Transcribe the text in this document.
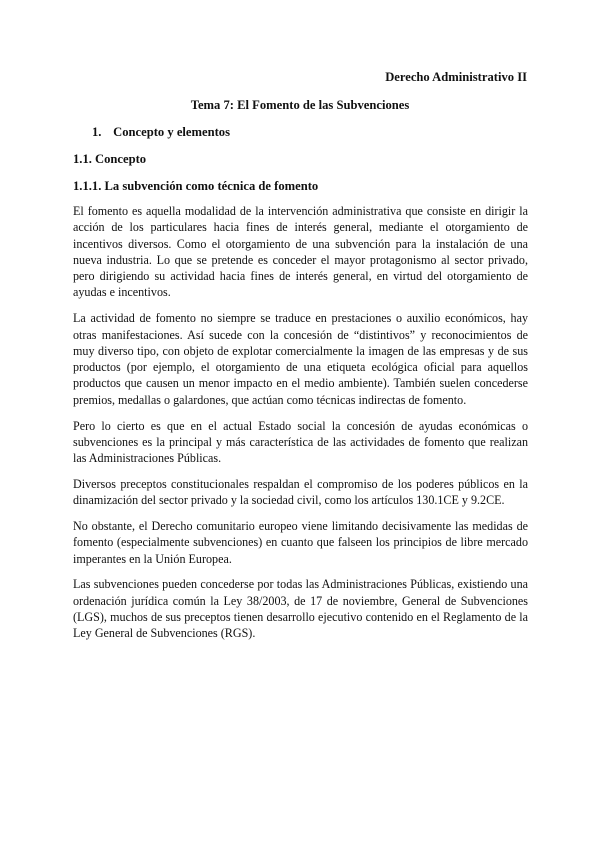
Derecho Administrativo II
Tema 7: El Fomento de las Subvenciones
1. Concepto y elementos
1.1. Concepto
1.1.1. La subvención como técnica de fomento

El fomento es aquella modalidad de la intervención administrativa que consiste en dirigir la acción de los particulares hacia fines de interés general, mediante el otorgamiento de incentivos diversos. Como el otorgamiento de una subvención para la instalación de una nueva industria. Lo que se pretende es conceder el mayor protagonismo al sector privado, pero dirigiendo su actividad hacia fines de interés general, en virtud del otorgamiento de ayudas e incentivos.

La actividad de fomento no siempre se traduce en prestaciones o auxilio económicos, hay otras manifestaciones. Así sucede con la concesión de “distintivos” y reconocimientos de muy diverso tipo, con objeto de explotar comercialmente la imagen de las empresas y de sus productos (por ejemplo, el otorgamiento de una etiqueta ecológica oficial para aquellos productos que causen un menor impacto en el medio ambiente). También suelen concederse premios, medallas o galardones, que actúan como técnicas indirectas de fomento.

Pero lo cierto es que en el actual Estado social la concesión de ayudas económicas o subvenciones es la principal y más característica de las actividades de fomento que realizan las Administraciones Públicas.

Diversos preceptos constitucionales respaldan el compromiso de los poderes públicos en la dinamización del sector privado y la sociedad civil, como los artículos 130.1CE y 9.2CE.

No obstante, el Derecho comunitario europeo viene limitando decisivamente las medidas de fomento (especialmente subvenciones) en cuanto que falseen los principios de libre mercado imperantes en la Unión Europea.

Las subvenciones pueden concederse por todas las Administraciones Públicas, existiendo una ordenación jurídica común la Ley 38/2003, de 17 de noviembre, General de Subvenciones (LGS), muchos de sus preceptos tienen desarrollo ejecutivo contenido en el Reglamento de la Ley General de Subvenciones (RGS).
